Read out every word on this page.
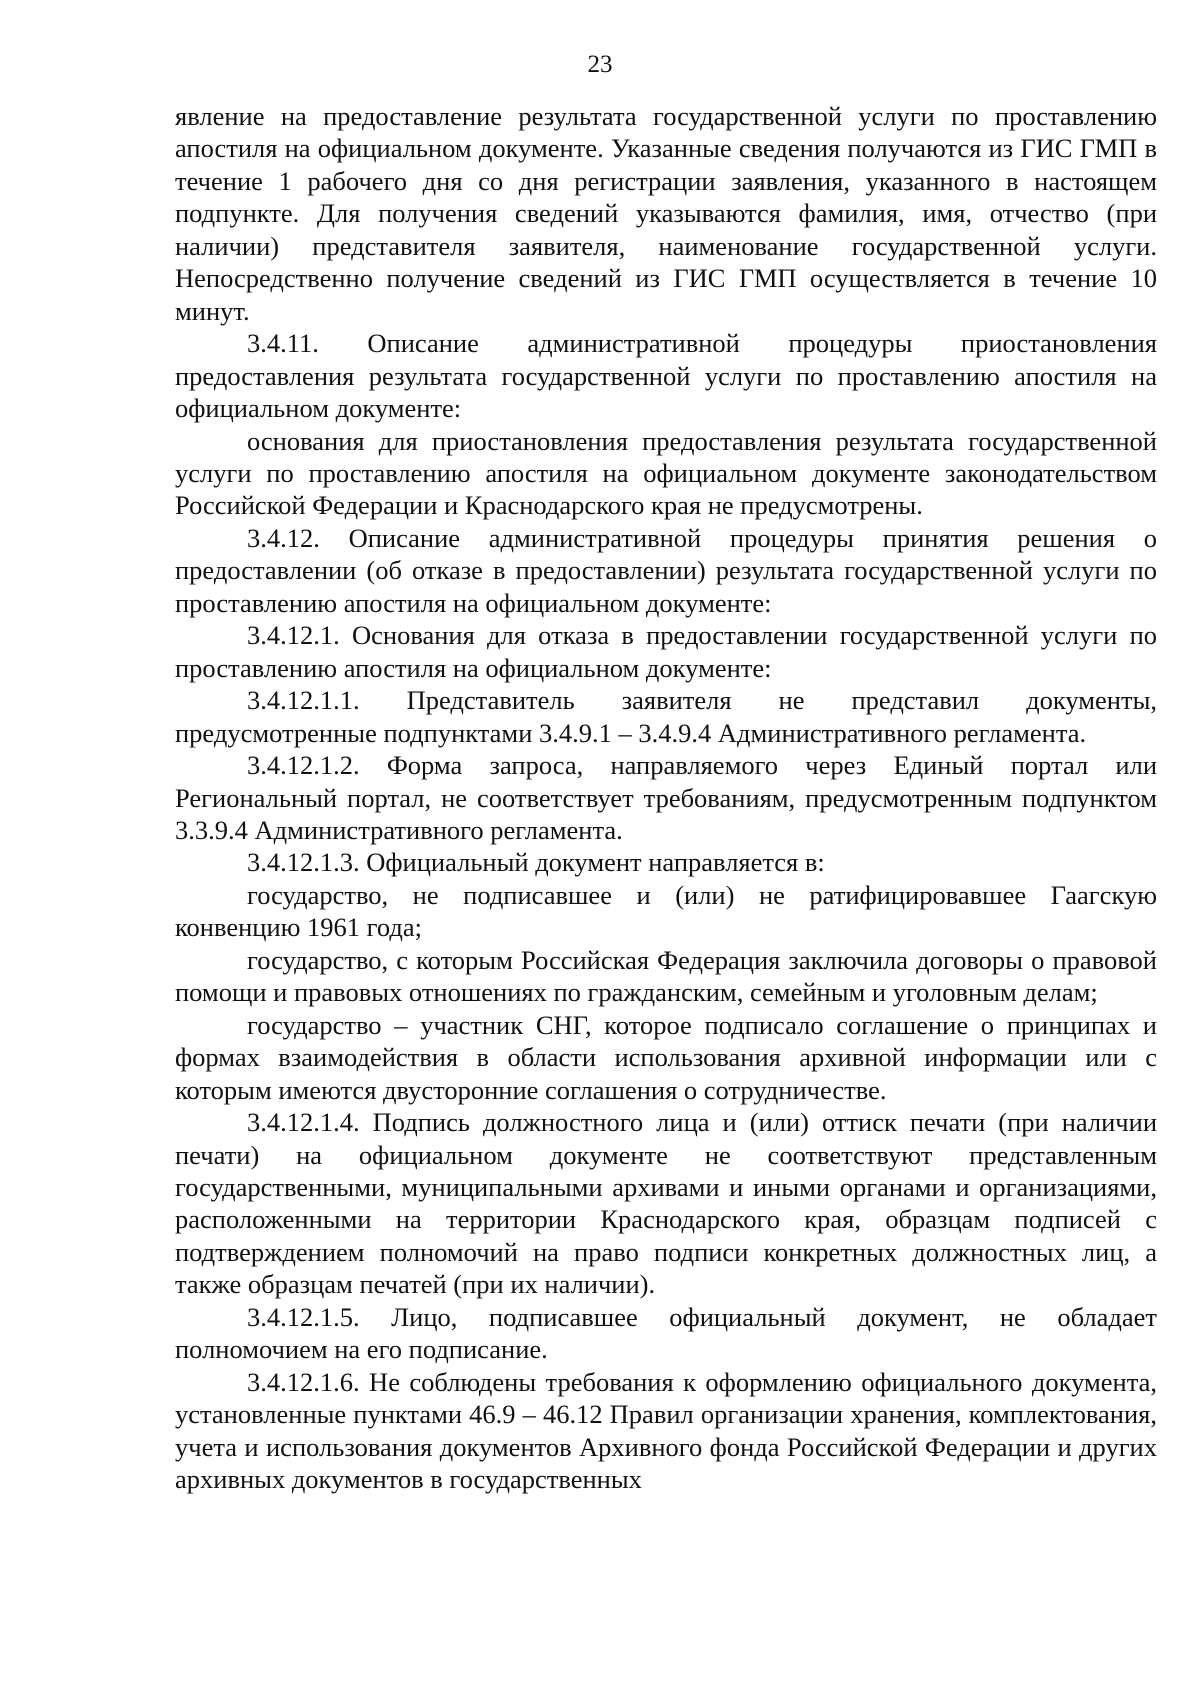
23

явление на предоставление результата государственной услуги по проставлению апостиля на официальном документе. Указанные сведения получаются из ГИС ГМП в течение 1 рабочего дня со дня регистрации заявления, указанного в настоящем подпункте. Для получения сведений указываются фамилия, имя, отчество (при наличии) представителя заявителя, наименование государственной услуги. Непосредственно получение сведений из ГИС ГМП осуществляется в течение 10 минут.

3.4.11. Описание административной процедуры приостановления предоставления результата государственной услуги по проставлению апостиля на официальном документе:

основания для приостановления предоставления результата государственной услуги по проставлению апостиля на официальном документе законодательством Российской Федерации и Краснодарского края не предусмотрены.

3.4.12. Описание административной процедуры принятия решения о предоставлении (об отказе в предоставлении) результата государственной услуги по проставлению апостиля на официальном документе:

3.4.12.1. Основания для отказа в предоставлении государственной услуги по проставлению апостиля на официальном документе:

3.4.12.1.1. Представитель заявителя не представил документы, предусмотренные подпунктами 3.4.9.1 – 3.4.9.4 Административного регламента.

3.4.12.1.2. Форма запроса, направляемого через Единый портал или Региональный портал, не соответствует требованиям, предусмотренным подпунктом 3.3.9.4 Административного регламента.

3.4.12.1.3. Официальный документ направляется в:

государство, не подписавшее и (или) не ратифицировавшее Гаагскую конвенцию 1961 года;

государство, с которым Российская Федерация заключила договоры о правовой помощи и правовых отношениях по гражданским, семейным и уголовным делам;

государство – участник СНГ, которое подписало соглашение о принципах и формах взаимодействия в области использования архивной информации или с которым имеются двусторонние соглашения о сотрудничестве.

3.4.12.1.4. Подпись должностного лица и (или) оттиск печати (при наличии печати) на официальном документе не соответствуют представленным государственными, муниципальными архивами и иными органами и организациями, расположенными на территории Краснодарского края, образцам подписей с подтверждением полномочий на право подписи конкретных должностных лиц, а также образцам печатей (при их наличии).

3.4.12.1.5. Лицо, подписавшее официальный документ, не обладает полномочием на его подписание.

3.4.12.1.6. Не соблюдены требования к оформлению официального документа, установленные пунктами 46.9 – 46.12 Правил организации хранения, комплектования, учета и использования документов Архивного фонда Российской Федерации и других архивных документов в государственных
